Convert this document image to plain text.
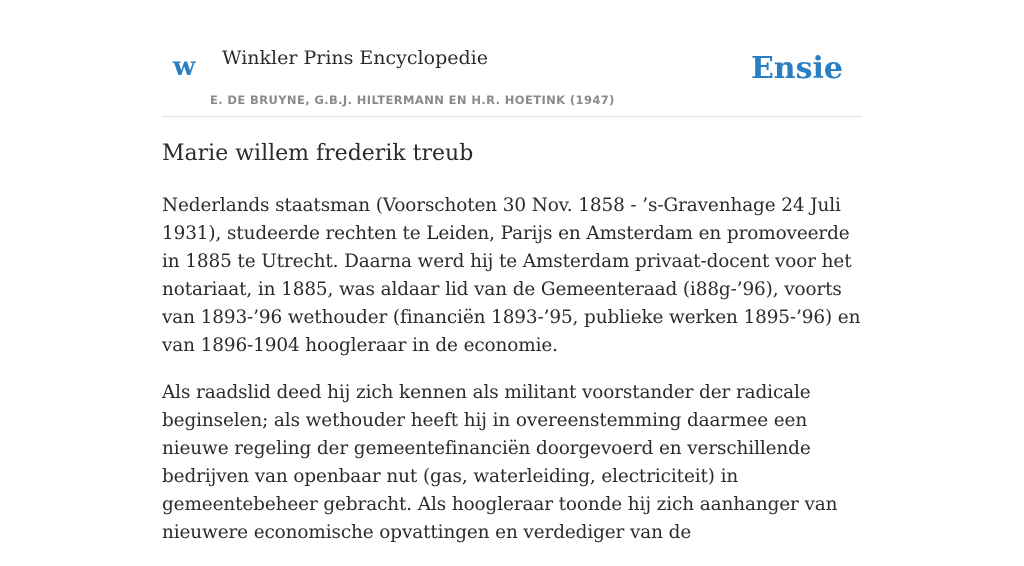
w Winkler Prins Encyclopedie
E. DE BRUYNE, G.B.J. HILTERMANN EN H.R. HOETINK (1947)
Ensie
Marie willem frederik treub

Nederlands staatsman (Voorschoten 30 Nov. 1858 - ’s-Gravenhage 24 Juli 1931), studeerde rechten te Leiden, Parijs en Amsterdam en promoveerde in 1885 te Utrecht. Daarna werd hij te Amsterdam privaat-docent voor het notariaat, in 1885, was aldaar lid van de Gemeenteraad (i88g-’96), voorts van 1893-’96 wethouder (financiën 1893-’95, publieke werken 1895-’96) en van 1896-1904 hoogleraar in de economie.

Als raadslid deed hij zich kennen als militant voorstander der radicale beginselen; als wethouder heeft hij in overeenstemming daarmee een nieuwe regeling der gemeentefinanciën doorgevoerd en verschillende bedrijven van openbaar nut (gas, waterleiding, electriciteit) in gemeentebeheer gebracht. Als hoogleraar toonde hij zich aanhanger van nieuwere economische opvattingen en verdediger van de
